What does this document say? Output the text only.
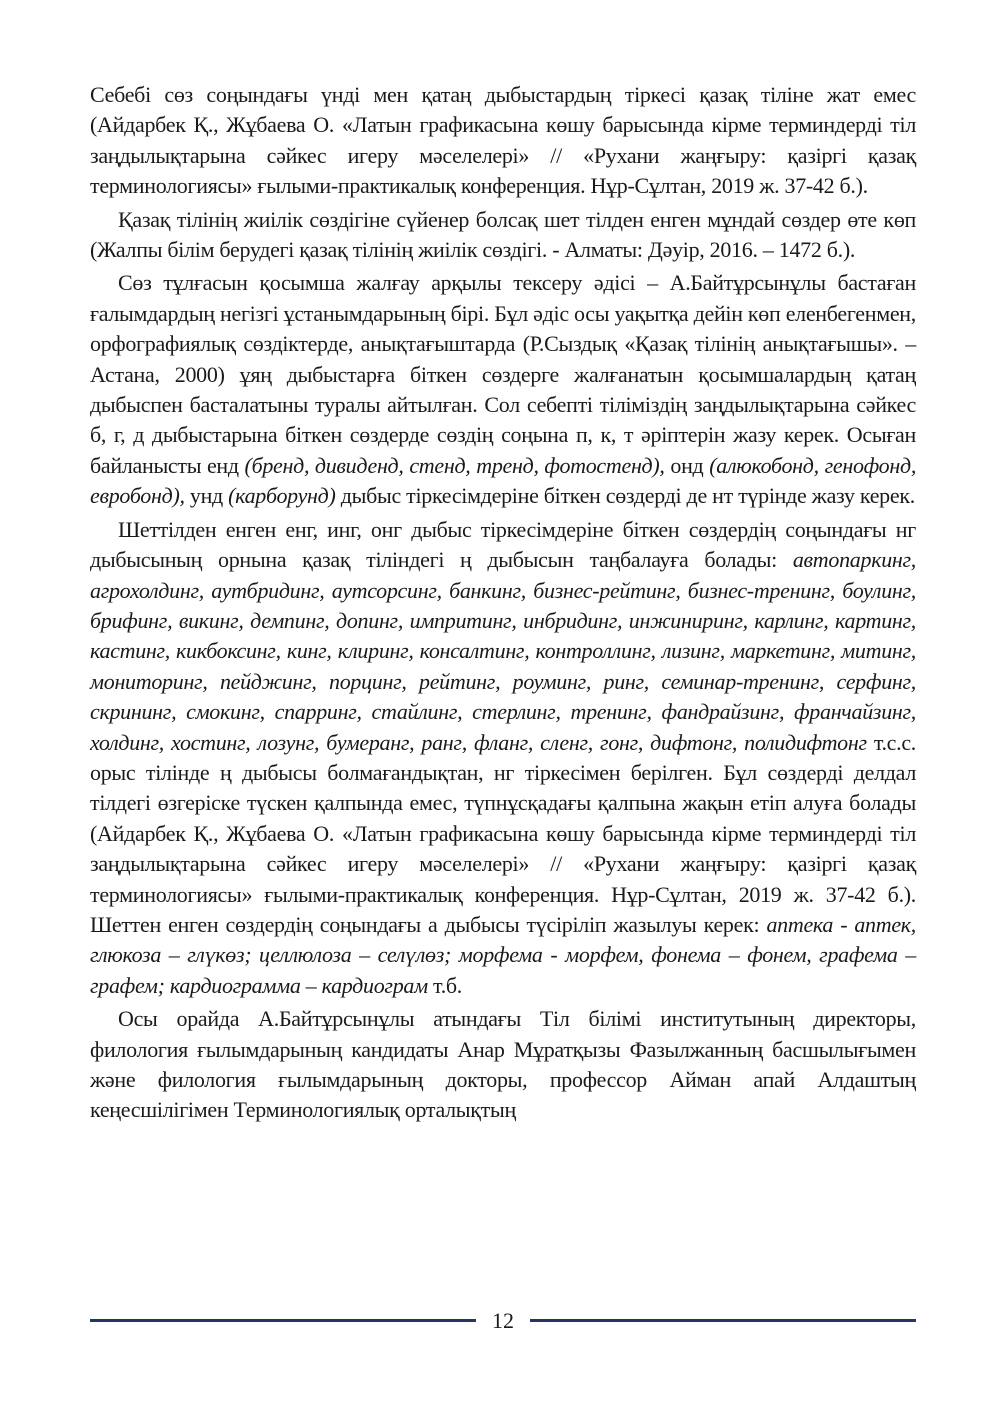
Себебі сөз соңындағы үнді мен қатаң дыбыстардың тіркесі қазақ тіліне жат емес (Айдарбек Қ., Жұбаева О. «Латын графикасына көшу барысында кірме терминдерді тіл заңдылықтарына сәйкес игеру мәселелері» // «Рухани жаңғыру: қазіргі қазақ терминологиясы» ғылыми-практикалық конференция. Нұр-Сұлтан, 2019 ж. 37-42 б.).

Қазақ тілінің жиілік сөздігіне сүйенер болсақ шет тілден енген мұндай сөздер өте көп (Жалпы білім берудегі қазақ тілінің жиілік сөздігі. - Алматы: Дәуір, 2016. – 1472 б.).

Сөз тұлғасын қосымша жалғау арқылы тексеру әдісі – А.Байтұрсынұлы бастаған ғалымдардың негізгі ұстанымдарының бірі. Бұл әдіс осы уақытқа дейін көп еленбегенмен, орфографиялық сөздіктерде, анықтағыштарда (Р.Сыздық «Қазақ тілінің анықтағышы». – Астана, 2000) ұяң дыбыстарға біткен сөздерге жалғанатын қосымшалардың қатаң дыбыспен басталатыны туралы айтылған. Сол себепті тіліміздің заңдылықтарына сәйкес б, г, д дыбыстарына біткен сөздерде сөздің соңына п, к, т әріптерін жазу керек. Осыған байланысты енд (бренд, дивиденд, стенд, тренд, фотостенд), онд (алюкобонд, генофонд, евробонд), унд (карборунд) дыбыс тіркесімдеріне біткен сөздерді де нт түрінде жазу керек.

Шеттілден енген енг, инг, онг дыбыс тіркесімдеріне біткен сөздердің соңындағы нг дыбысының орнына қазақ тіліндегі ң дыбысын таңбалауға болады: автопаркинг, агрохолдинг, аутбридинг, аутсорсинг, банкинг, бизнес-рейтинг, бизнес-тренинг, боулинг, брифинг, викинг, демпинг, допинг, импритинг, инбридинг, инжиниринг, карлинг, картинг, кастинг, кикбоксинг, кинг, клиринг, консалтинг, контроллинг, лизинг, маркетинг, митинг, мониторинг, пейджинг, порцинг, рейтинг, роуминг, ринг, семинар-тренинг, серфинг, скрининг, смокинг, спарринг, стайлинг, стерлинг, тренинг, фандрайзинг, франчайзинг, холдинг, хостинг, лозунг, бумеранг, ранг, фланг, сленг, гонг, дифтонг, полидифтонг т.с.с. орыс тілінде ң дыбысы болмағандықтан, нг тіркесімен берілген. Бұл сөздерді делдал тілдегі өзгеріске түскен қалпында емес, түпнұсқадағы қалпына жақын етіп алуға болады (Айдарбек Қ., Жұбаева О. «Латын графикасына көшу барысында кірме терминдерді тіл заңдылықтарына сәйкес игеру мәселелері» // «Рухани жаңғыру: қазіргі қазақ терминологиясы» ғылыми-практикалық конференция. Нұр-Сұлтан, 2019 ж. 37-42 б.). Шеттен енген сөздердің соңындағы а дыбысы түсіріліп жазылуы керек: аптека - аптек, глюкоза – глүкөз; целлюлоза – селүлөз; морфема - морфем, фонема – фонем, графема – графем; кардиограмма – кардиограм т.б.

Осы орайда А.Байтұрсынұлы атындағы Тіл білімі институтының директоры, филология ғылымдарының кандидаты Анар Мұратқызы Фазылжанның басшылығымен және филология ғылымдарының докторы, профессор Айман апай Алдаштың кеңесшілігімен Терминологиялық орталықтың

12
